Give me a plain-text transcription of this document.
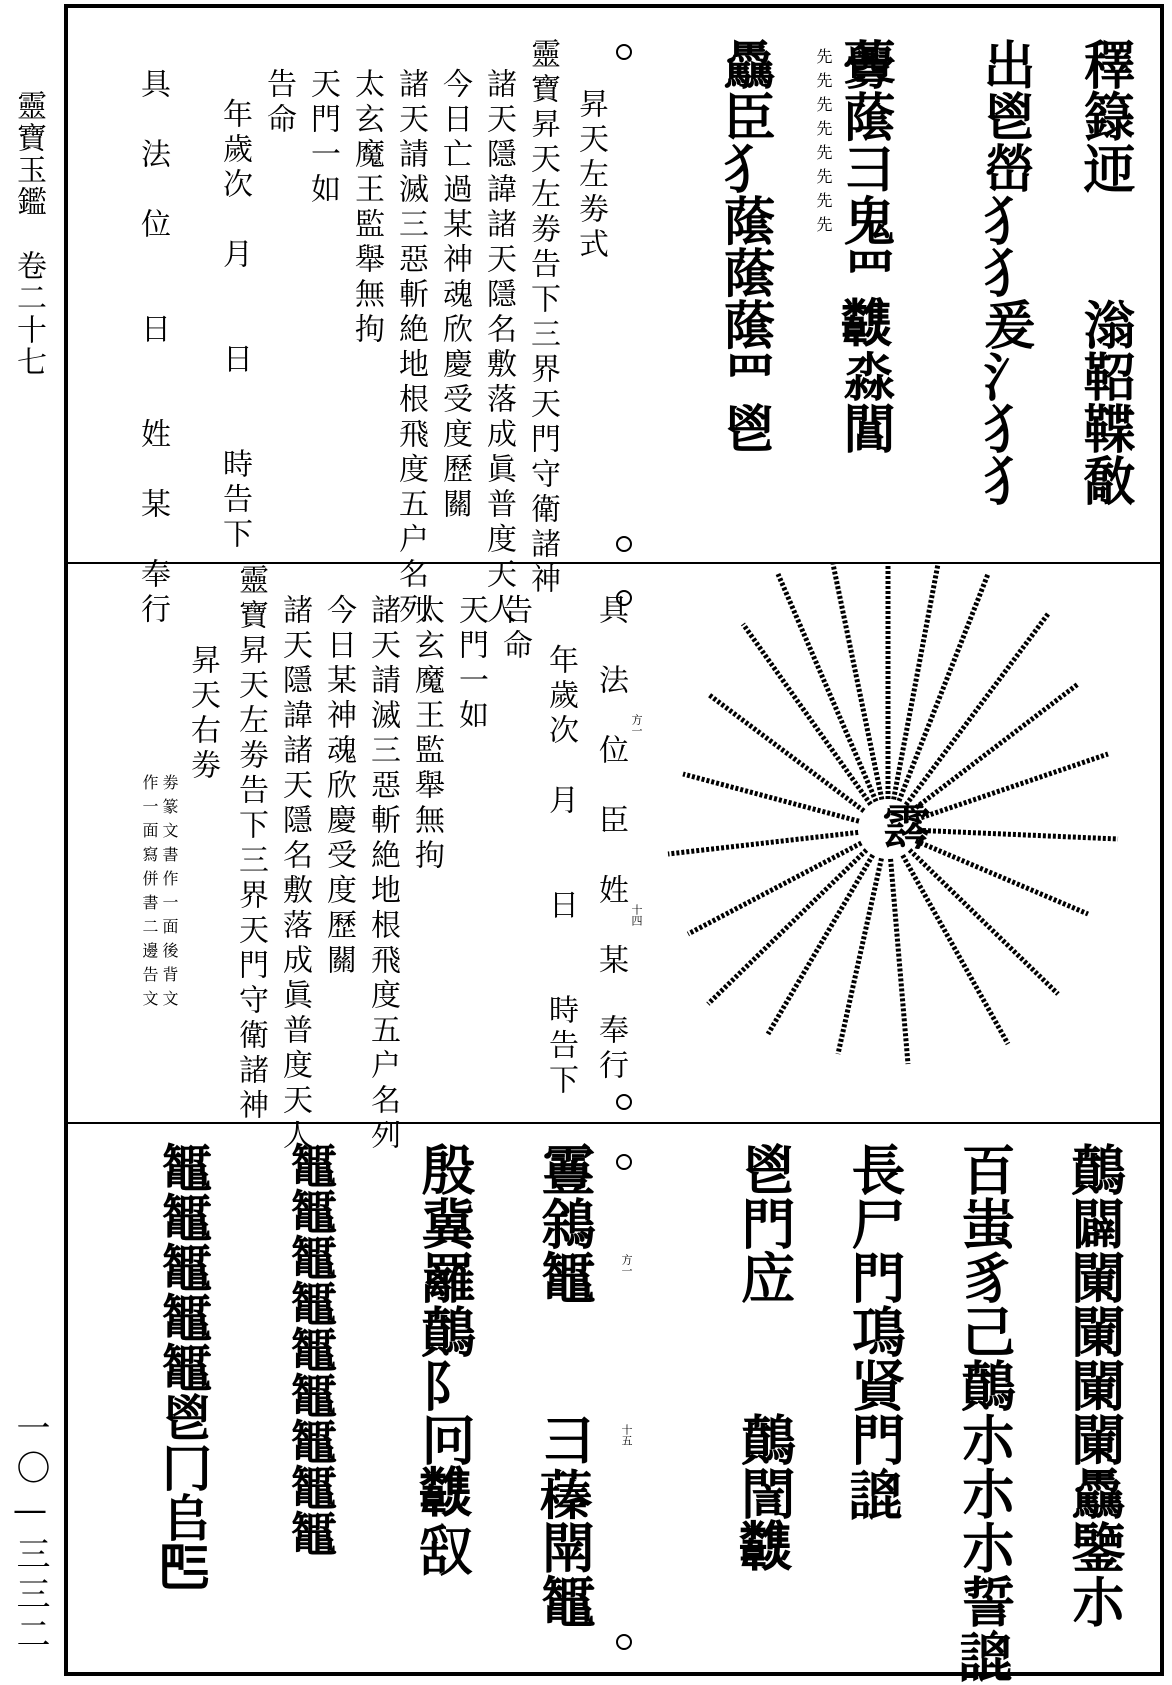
靈寶玉鑑　卷二十七
一〇—三三二
䆁籙迊　　滃鞀鞢敿
出鬯嵤犭犭爰氵犭犭
虋䕃彐鬼罒𩏶淼閶
先先先先先先先先
驫臣犭䕃䕃䕃罒鬯
昇天左劵式
靈寶昇天左劵告下三界天門守衛諸神
諸天隱諱諸天隱名敷落成眞普度天人
今日亡過某神魂欣慶受度歷關
諸天請滅三惡斬絶地根飛度五户名列
太玄魔王監舉無拘
天門一如
告命
年歲次　月　　日　　時告下
具　法　位　　日　　姓　某　奉行
𩃬
方一
十四
具　法　位　臣　姓　某　奉行
年歲次　月　　日　　時告下
告命
天門一如
太玄魔王監舉無拘
諸天請滅三惡斬絶地根飛度五户名列
今日某神魂欣慶受度歷關
諸天隱諱諸天隱名敷落成眞普度天人
靈寶昇天左劵告下三界天門守衛諸神
昇天右劵
劵篆文書作一面後背文
作一面寫併書二邊告文
方一
十五	䴅闢䦨䦨䦨䦨驫鑒朩
百蚩豸己䴅朩朩朩誓𧪫
長尸門䲨䝨門𧪫
鬯門㡴　　䴅誾𩏶
霻䳜䵹　　彐𦿒閛䵹
殷冀䍦䴅阝冋𩏶𠭖
䵹䵹䵹䵹䵹䵹䵹䵹䵹
䵹䵹䵹䵹䵹鬯冂𠂤𠀧
